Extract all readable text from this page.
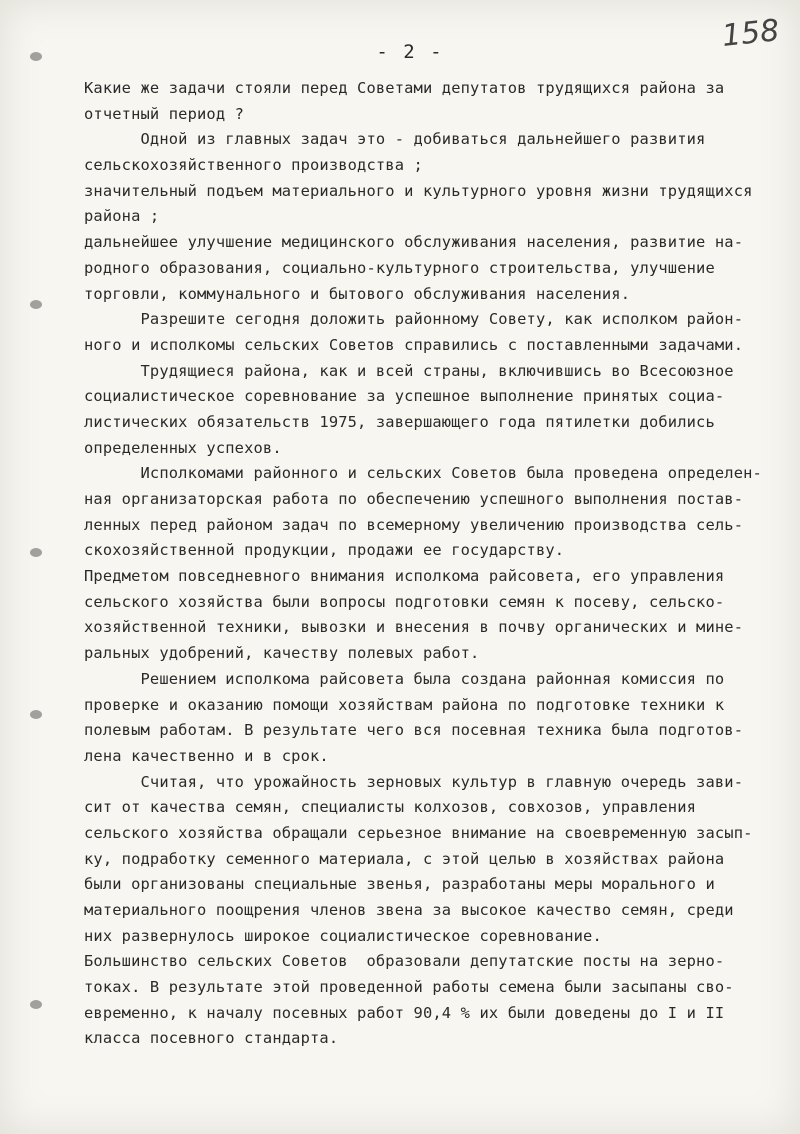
158
- 2 -
Какие же задачи стояли перед Советами депутатов трудящихся района за
отчетный период ?
Одной из главных задач это - добиваться дальнейшего развития
сельскохозяйственного производства ;
значительный подъем материального и культурного уровня жизни трудящихся
района ;
дальнейшее улучшение медицинского обслуживания населения, развитие на-
родного образования, социально-культурного строительства, улучшение
торговли, коммунального и бытового обслуживания населения.
Разрешите сегодня доложить районному Совету, как исполком район-
ного и исполкомы сельских Советов справились с поставленными задачами.
Трудящиеся района, как и всей страны, включившись во Всесоюзное
социалистическое соревнование за успешное выполнение принятых социа-
листических обязательств 1975, завершающего года пятилетки добились
определенных успехов.
Исполкомами районного и сельских Советов была проведена определен-
ная организаторская работа по обеспечению успешного выполнения постав-
ленных перед районом задач по всемерному увеличению производства сель-
скохозяйственной продукции, продажи ее государству.
Предметом повседневного внимания исполкома райсовета, его управления
сельского хозяйства были вопросы подготовки семян к посеву, сельско-
хозяйственной техники, вывозки и внесения в почву органических и мине-
ральных удобрений, качеству полевых работ.
Решением исполкома райсовета была создана районная комиссия по
проверке и оказанию помощи хозяйствам района по подготовке техники к
полевым работам. В результате чего вся посевная техника была подготов-
лена качественно и в срок.
Считая, что урожайность зерновых культур в главную очередь зави-
сит от качества семян, специалисты колхозов, совхозов, управления
сельского хозяйства обращали серьезное внимание на своевременную засып-
ку, подработку семенного материала, с этой целью в хозяйствах района
были организованы специальные звенья, разработаны меры морального и
материального поощрения членов звена за высокое качество семян, среди
них развернулось широкое социалистическое соревнование.
Большинство сельских Советов  образовали депутатские посты на зерно-
токах. В результате этой проведенной работы семена были засыпаны сво-
евременно, к началу посевных работ 90,4 % их были доведены до I и II
класса посевного стандарта.
